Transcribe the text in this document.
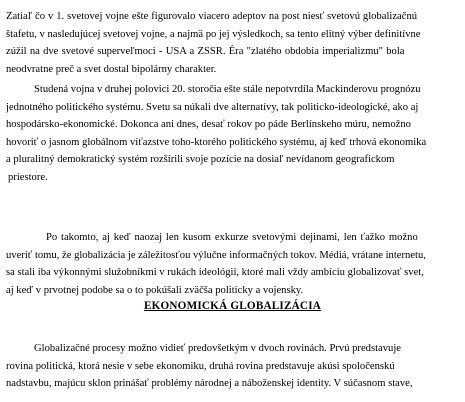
Zatiaľ čo v 1. svetovej vojne ešte figurovalo viacero adeptov na post niesť svetovú globalizačnú
štafetu, v nasledujúcej svetovej vojne, a najmä po jej výsledkoch, sa tento elitný výber definitívne
zúžil na dve svetové superveľmoci - USA a ZSSR. Éra "zlatého obdobia imperializmu" bola
neodvratne preč a svet dostal bipolárny charakter.

Studená vojna v druhej polovici 20. storočia ešte stále nepotvrdila Mackinderovu prognózu
jednotného politického systému. Svetu sa núkali dve alternatívy, tak politicko-ideologické, ako aj
hospodársko-ekonomické. Dokonca ani dnes, desať rokov po páde Berlínskeho múru, nemožno
hovoriť o jasnom globálnom víťazstve toho-ktorého politického systému, aj keď trhová ekonomika
a pluralitný demokratický systém rozšírili svoje pozície na dosiaľ nevídanom geografickom
priestore.

Po takomto, aj keď naozaj len kusom exkurze svetovými dejinami, len ťažko možno
uveriť tomu, že globalizácia je záležitosťou výlučne informačných tokov. Médiá, vrátane internetu,
sa stali iba výkonnými služobníkmi v rukách ideológií, ktoré mali vždy ambíciu globalizovať svet,
aj keď v prvotnej podobe sa o to pokúšali zväčša politicky a vojensky.

EKONOMICKÁ GLOBALIZÁCIA

Globalizačné procesy možno vidieť predovšetkým v dvoch rovinách. Prvú predstavuje
rovina politická, ktorá nesie v sebe ekonomiku, druhá rovina predstavuje akúsi spoločenskú
nadstavbu, majúcu sklon prinášať problémy národnej a náboženskej identity. V súčasnom stave,
